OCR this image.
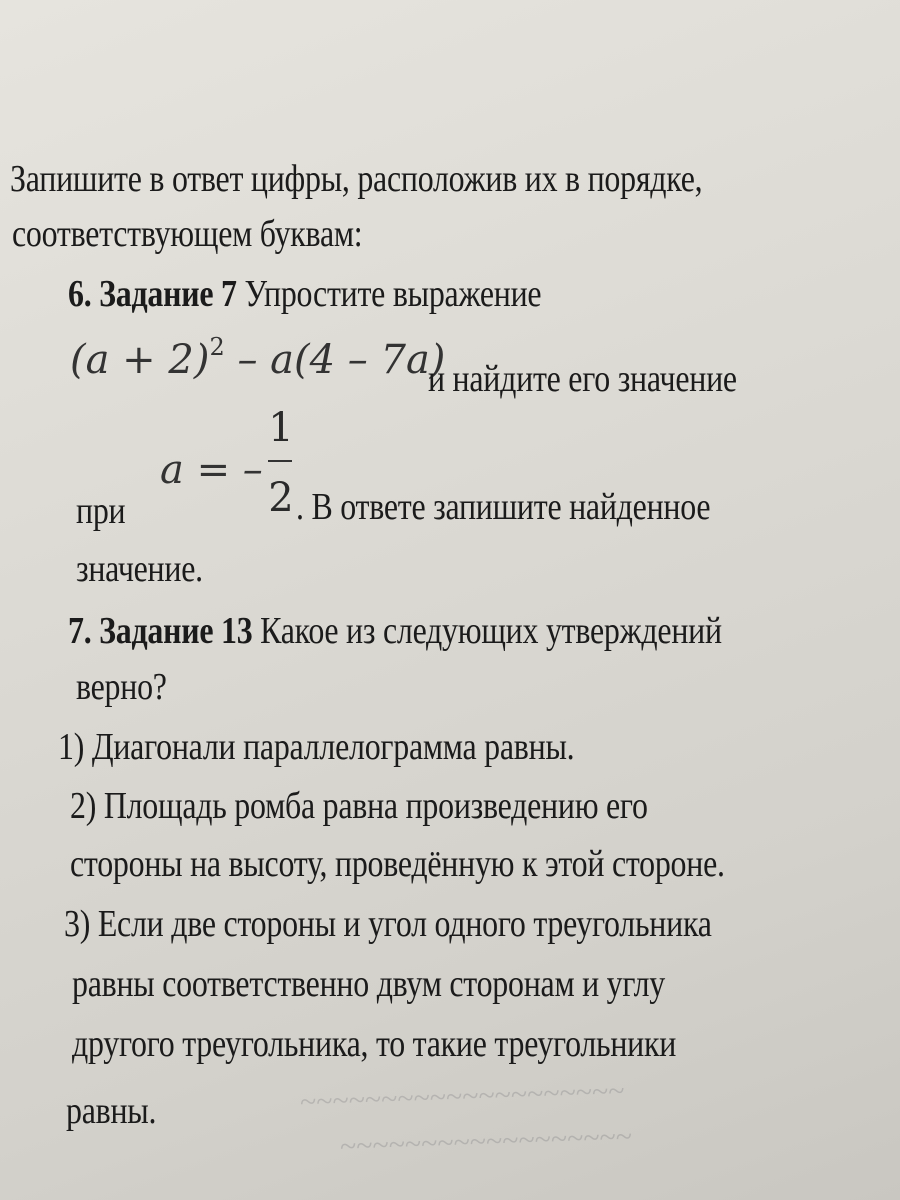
~~~~~~~~~~~~~~~~~~~~
~~~~~~~~~~~~~~~~~~
Запишите в ответ цифры, расположив их в порядке,
соответствующем буквам:
6. Задание 7 Упростите выражение
$(a + 2)^2 - a(4 - 7a)$
и найдите его значение
a = –
1
2
при	. В ответе запишите найденное
значение.
7. Задание 13 Какое из следующих утверждений
верно?
1) Диагонали параллелограмма равны.
2) Площадь ромба равна произведению его
стороны на высоту, проведённую к этой стороне.
3) Если две стороны и угол одного треугольника
равны соответственно двум сторонам и углу
другого треугольника, то такие треугольники
равны.
